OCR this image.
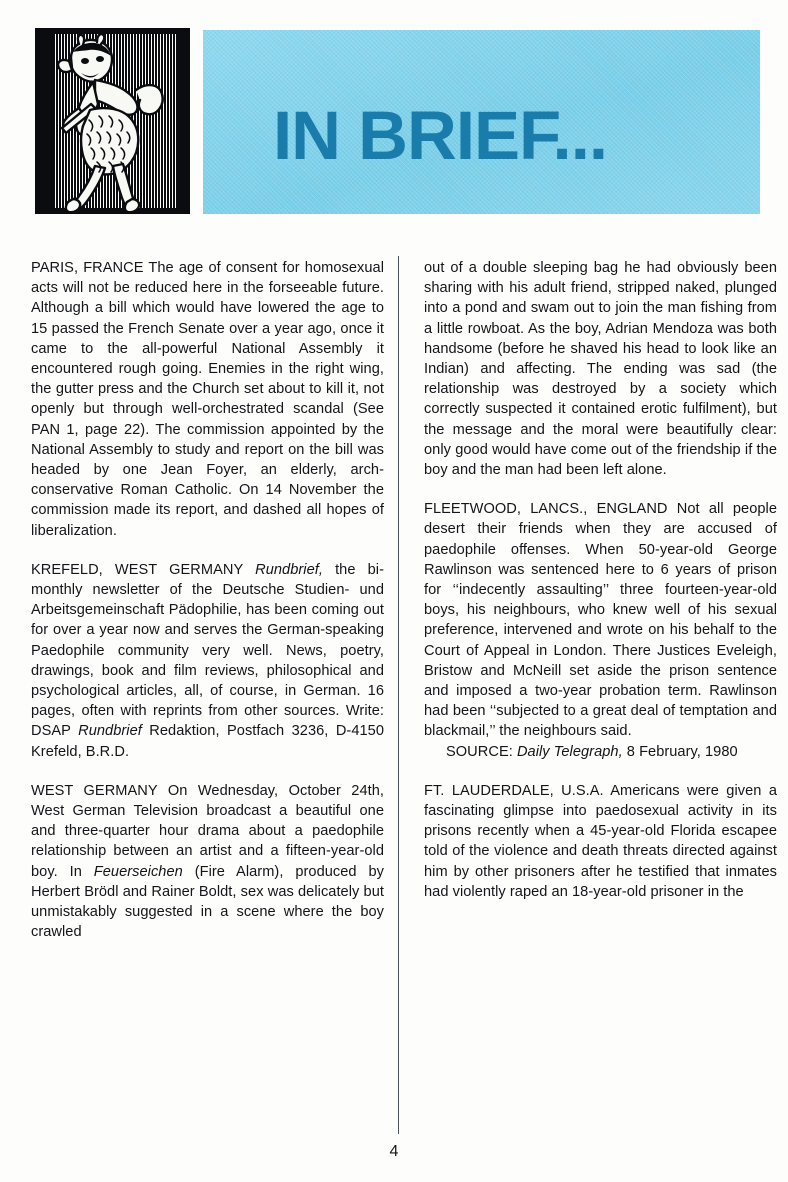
IN BRIEF...

PARIS, FRANCE The age of consent for homosexual acts will not be reduced here in the forseeable future. Although a bill which would have lowered the age to 15 passed the French Senate over a year ago, once it came to the all-powerful National Assembly it encountered rough going. Enemies in the right wing, the gutter press and the Church set about to kill it, not openly but through well-orchestrated scandal (See PAN 1, page 22). The commission appointed by the National Assembly to study and report on the bill was headed by one Jean Foyer, an elderly, arch-conservative Roman Catholic. On 14 November the commission made its report, and dashed all hopes of liberalization.

KREFELD, WEST GERMANY Rundbrief, the bi-monthly newsletter of the Deutsche Studien- und Arbeitsgemeinschaft Pädophilie, has been coming out for over a year now and serves the German-speaking Paedophile community very well. News, poetry, drawings, book and film reviews, philosophical and psychological articles, all, of course, in German. 16 pages, often with reprints from other sources. Write: DSAP Rundbrief Redaktion, Postfach 3236, D-4150 Krefeld, B.R.D.

WEST GERMANY On Wednesday, October 24th, West German Television broadcast a beautiful one and three-quarter hour drama about a paedophile relationship between an artist and a fifteen-year-old boy. In Feuerseichen (Fire Alarm), produced by Herbert Brödl and Rainer Boldt, sex was delicately but unmistakably suggested in a scene where the boy crawled

out of a double sleeping bag he had obviously been sharing with his adult friend, stripped naked, plunged into a pond and swam out to join the man fishing from a little rowboat. As the boy, Adrian Mendoza was both handsome (before he shaved his head to look like an Indian) and affecting. The ending was sad (the relationship was destroyed by a society which correctly suspected it contained erotic fulfilment), but the message and the moral were beautifully clear: only good would have come out of the friendship if the boy and the man had been left alone.

FLEETWOOD, LANCS., ENGLAND Not all people desert their friends when they are accused of paedophile offenses. When 50-year-old George Rawlinson was sentenced here to 6 years of prison for ‘‘indecently assaulting’’ three fourteen-year-old boys, his neighbours, who knew well of his sexual preference, intervened and wrote on his behalf to the Court of Appeal in London. There Justices Eveleigh, Bristow and McNeill set aside the prison sentence and imposed a two-year probation term. Rawlinson had been ‘‘subjected to a great deal of temptation and blackmail,’’ the neighbours said.
SOURCE: Daily Telegraph, 8 February, 1980

FT. LAUDERDALE, U.S.A. Americans were given a fascinating glimpse into paedosexual activity in its prisons recently when a 45-year-old Florida escapee told of the violence and death threats directed against him by other prisoners after he testified that inmates had violently raped an 18-year-old prisoner in the

4
